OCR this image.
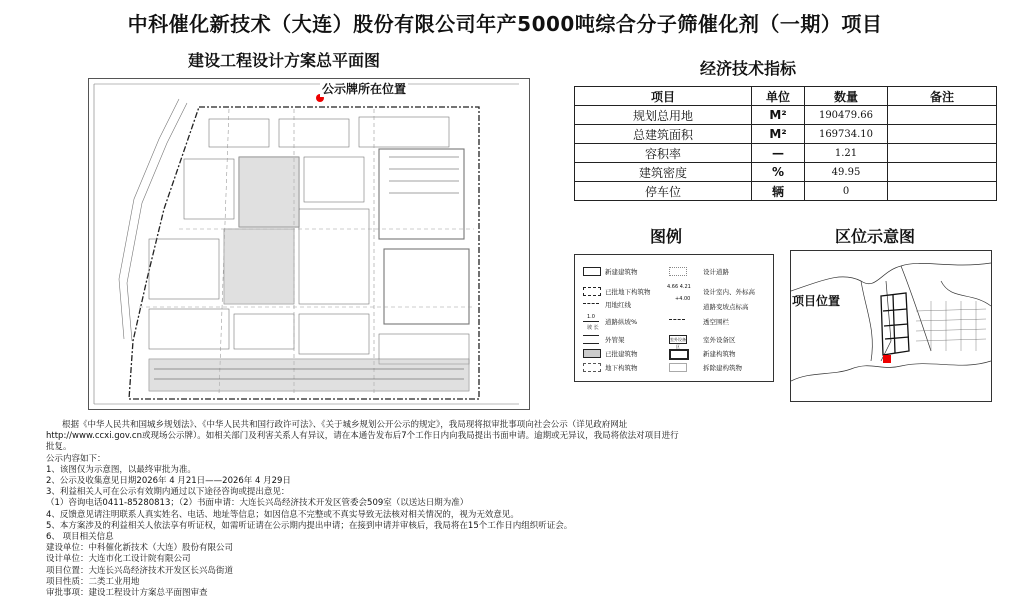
中科催化新技术（大连）股份有限公司年产5000吨综合分子筛催化剂（一期）项目
建设工程设计方案总平面图	经济技术指标
图例	区位示意图
公示牌所在位置
项目	单位	数量	备注
规划总用地	M²	190479.66	
总建筑面积	M²	169734.10	
容积率	—	1.21	
建筑密度	%	49.95	
停车位	辆	0	
新建建筑物
已批地下构筑物
用地红线
1.0
道路纵坡%
坡 长
外管架
已批建筑物
地下构筑物
设计道路
4.66 4.21
设计室内、外标高
+4.00
道路变坡点标高
透空围栏
室外设备区
室外设备区
新建构筑物
拆除建构筑物
项目位置
根据《中华人民共和国城乡规划法》、《中华人民共和国行政许可法》、《关于城乡规划公开公示的规定》，我局现将拟审批事项向社会公示（详见政府网址
http://www.ccxi.gov.cn或现场公示牌）。如相关部门及利害关系人有异议，请在本通告发布后7个工作日内向我局提出书面申请。逾期或无异议，我局将依法对项目进行
批复。
公示内容如下：
1、该图仅为示意图，以最终审批为准。
2、公示及收集意见日期2026年 4 月21日——2026年 4 月29日
3、利益相关人可在公示有效期内通过以下途径咨询或提出意见：
（1）咨询电话0411-85280813；（2）书面申请：大连长兴岛经济技术开发区管委会509室（以送达日期为准）
4、反馈意见请注明联系人真实姓名、电话、地址等信息；如因信息不完整或不真实导致无法核对相关情况的，视为无效意见。
5、本方案涉及的利益相关人依法享有听证权，如需听证请在公示期内提出申请；在接到申请并审核后，我局将在15个工作日内组织听证会。
6、 项目相关信息
建设单位：中科催化新技术（大连）股份有限公司
设计单位：大连市化工设计院有限公司
项目位置：大连长兴岛经济技术开发区长兴岛街道
项目性质：二类工业用地
审批事项：建设工程设计方案总平面图审查
